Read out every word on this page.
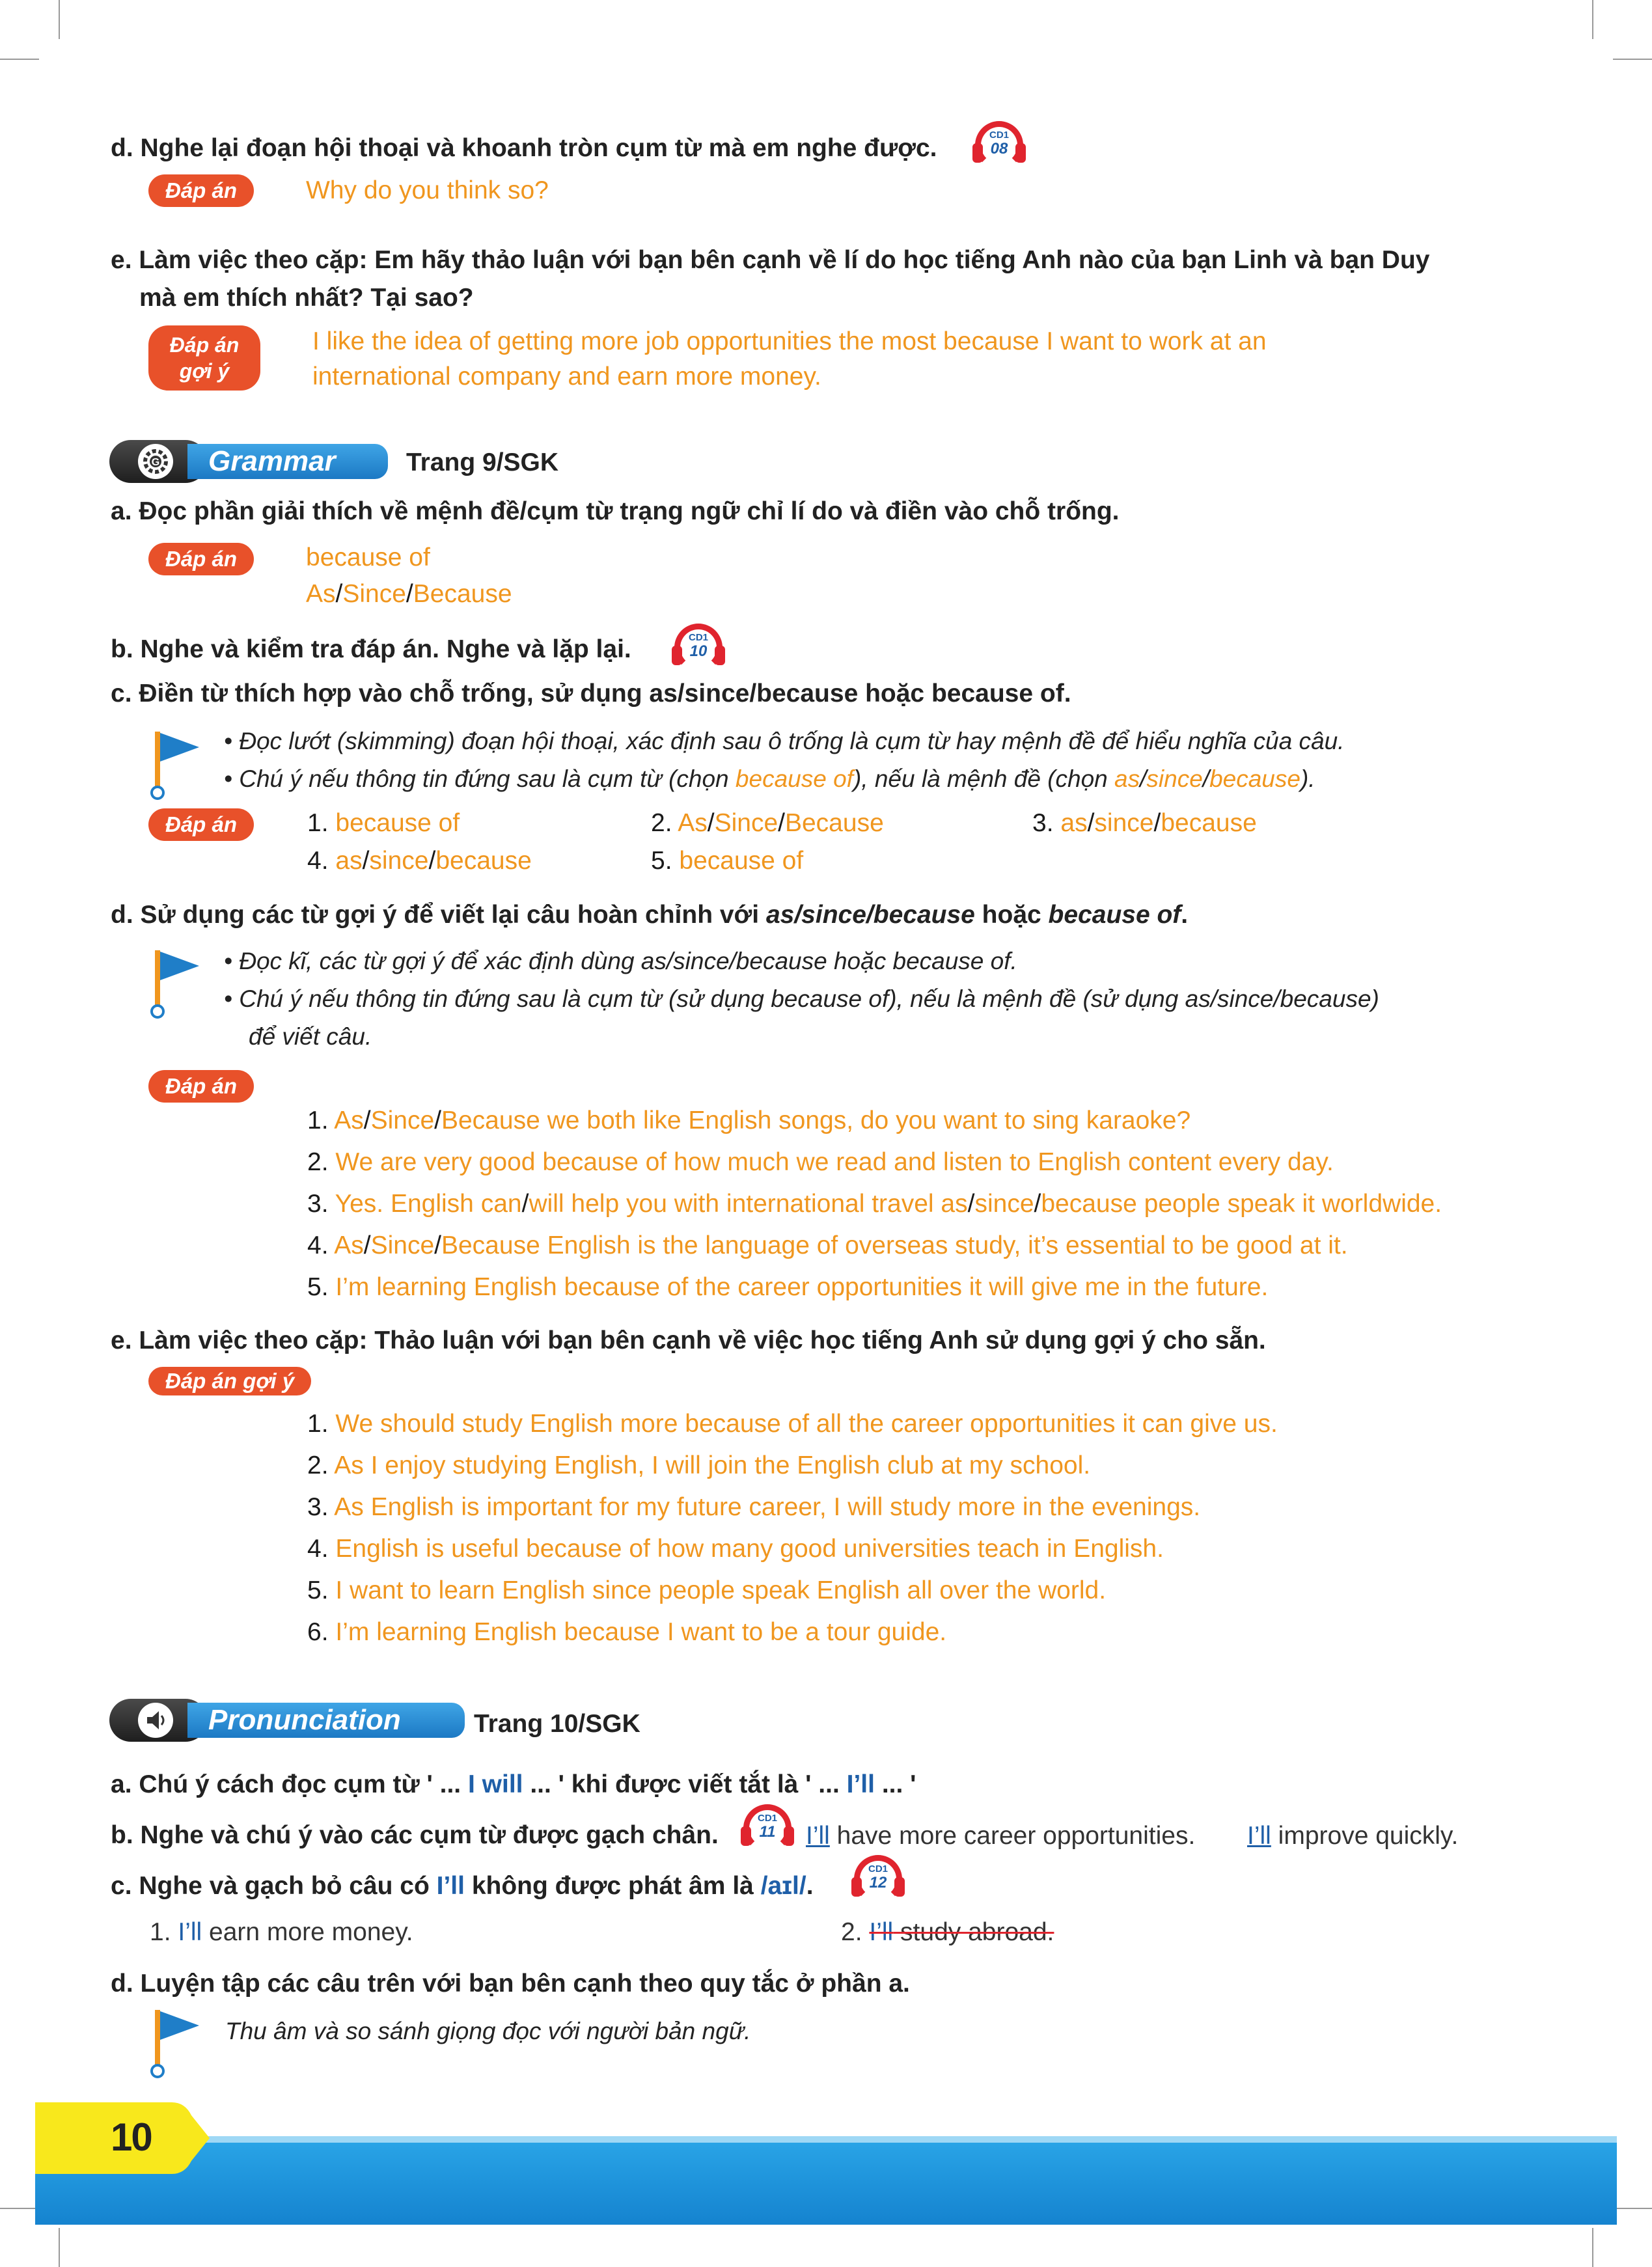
d. Nghe lại đoạn hội thoại và khoanh tròn cụm từ mà em nghe được.	CD1
08
Đáp án	Why do you think so?
e. Làm việc theo cặp: Em hãy thảo luận với bạn bên cạnh về lí do học tiếng Anh nào của bạn Linh và bạn Duy
mà em thích nhất? Tại sao?
Đáp án
gợi ý
I like the idea of getting more job opportunities the most because I want to work at an
international company and earn more money.
G	Grammar	Trang 9/SGK
a. Đọc phần giải thích về mệnh đề/cụm từ trạng ngữ chỉ lí do và điền vào chỗ trống.
Đáp án	because of
As/Since/Because
b. Nghe và kiểm tra đáp án. Nghe và lặp lại.	CD1
10
c. Điền từ thích hợp vào chỗ trống, sử dụng as/since/because hoặc because of.
• Đọc lướt (skimming) đoạn hội thoại, xác định sau ô trống là cụm từ hay mệnh đề để hiểu nghĩa của câu.
• Chú ý nếu thông tin đứng sau là cụm từ (chọn because of), nếu là mệnh đề (chọn as/since/because).
Đáp án	1. because of	2. As/Since/Because	3. as/since/because
4. as/since/because	5. because of
d. Sử dụng các từ gợi ý để viết lại câu hoàn chỉnh với as/since/because hoặc because of.
• Đọc kĩ, các từ gợi ý để xác định dùng as/since/because hoặc because of.
• Chú ý nếu thông tin đứng sau là cụm từ (sử dụng because of), nếu là mệnh đề (sử dụng as/since/because)
để viết câu.
Đáp án
1. As/Since/Because we both like English songs, do you want to sing karaoke?
2. We are very good because of how much we read and listen to English content every day.
3. Yes. English can/will help you with international travel as/since/because people speak it worldwide.
4. As/Since/Because English is the language of overseas study, it’s essential to be good at it.
5. I’m learning English because of the career opportunities it will give me in the future.
e. Làm việc theo cặp: Thảo luận với bạn bên cạnh về việc học tiếng Anh sử dụng gợi ý cho sẵn.
Đáp án gợi ý
1. We should study English more because of all the career opportunities it can give us.
2. As I enjoy studying English, I will join the English club at my school.
3. As English is important for my future career, I will study more in the evenings.
4. English is useful because of how many good universities teach in English.
5. I want to learn English since people speak English all over the world.
6. I’m learning English because I want to be a tour guide.
Pronunciation	Trang 10/SGK
a. Chú ý cách đọc cụm từ ' ... I will ... ' khi được viết tắt là ' ... I’ll ... '
b. Nghe và chú ý vào các cụm từ được gạch chân.
CD1
11 I’ll have more career opportunities. I’ll improve quickly.
c. Nghe và gạch bỏ câu có I’ll không được phát âm là /aɪl/.
CD1
12
1. I’ll earn more money.	2. I’ll study abroad.
d. Luyện tập các câu trên với bạn bên cạnh theo quy tắc ở phần a.
Thu âm và so sánh giọng đọc với người bản ngữ.
10
